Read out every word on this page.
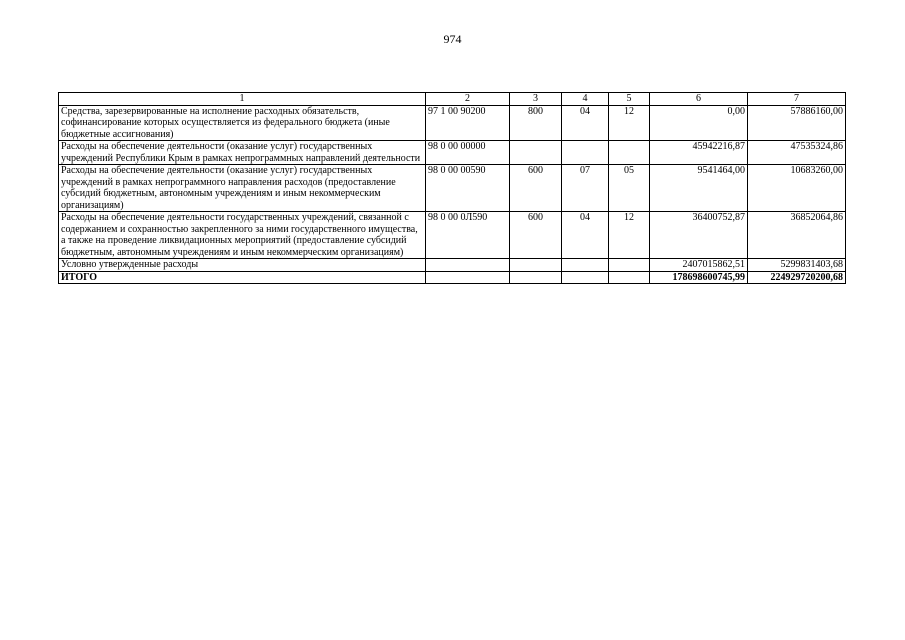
974
1	2	3	4	5	6	7
Средства, зарезервированные на исполнение расходных обязательств, софинансирование которых осуществляется из федерального бюджета (иные бюджетные ассигнования)	97 1 00 90200	800	04	12	0,00	57886160,00
Расходы на обеспечение деятельности (оказание услуг) государственных учреждений Республики Крым в рамках непрограммных направлений деятельности	98 0 00 00000				45942216,87	47535324,86
Расходы на обеспечение деятельности (оказание услуг) государственных учреждений в рамках непрограммного направления расходов (предоставление субсидий бюджетным, автономным учреждениям и иным некоммерческим организациям)	98 0 00 00590	600	07	05	9541464,00	10683260,00
Расходы на обеспечение деятельности государственных учреждений, связанной с содержанием и сохранностью закрепленного за ними государственного имущества, а также на проведение ликвидационных мероприятий (предоставление субсидий бюджетным, автономным учреждениям и иным некоммерческим организациям)	98 0 00 0Л590	600	04	12	36400752,87	36852064,86
Условно утвержденные расходы					2407015862,51	5299831403,68
ИТОГО					178698600745,99	224929720200,68
